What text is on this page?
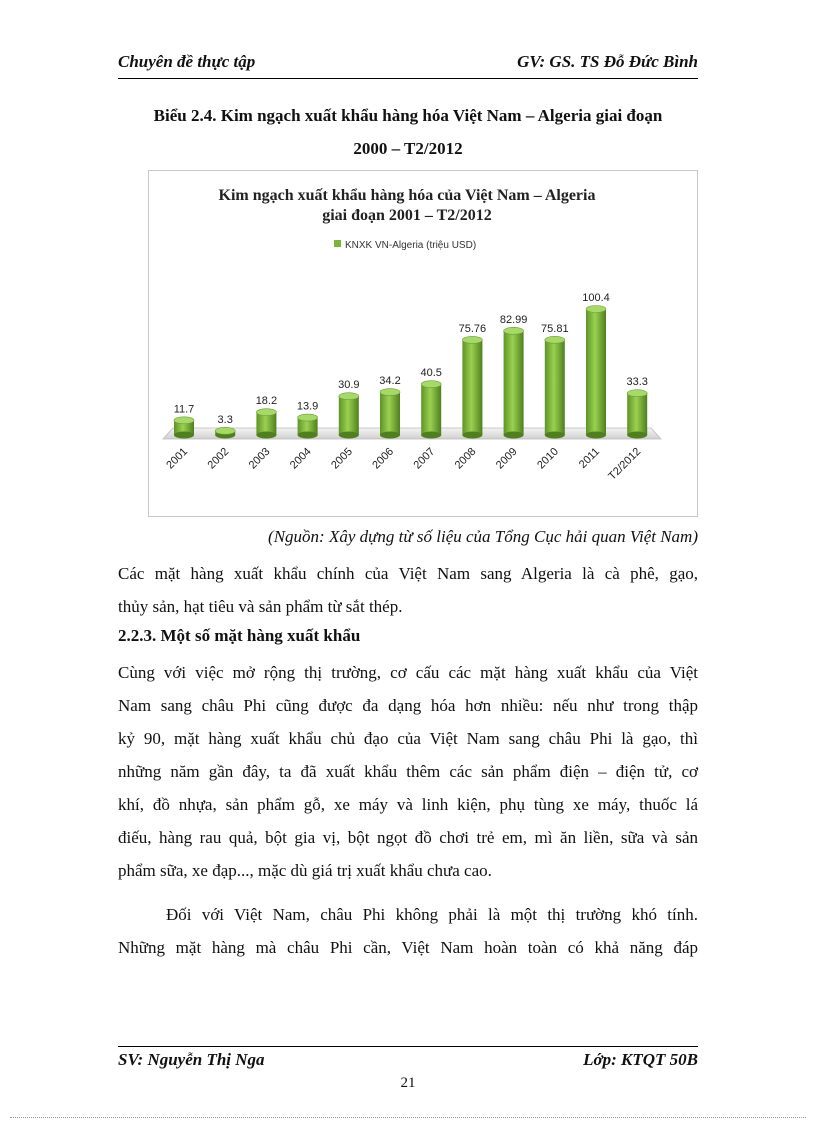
Chuyên đề thực tập	GV: GS. TS Đỗ Đức Bình
Biểu 2.4. Kim ngạch xuất khẩu hàng hóa Việt Nam – Algeria giai đoạn
2000 – T2/2012
Kim ngạch xuất khẩu hàng hóa của Việt Nam – Algeria
giai đoạn 2001 – T2/2012
KNXK VN-Algeria (triệu USD)
11.7
2001
3.3
2002
18.2
2003
13.9
2004
30.9
2005
34.2
2006
40.5
2007
75.76
2008
82.99
2009
75.81
2010
100.4
2011
33.3
T2/2012
(Nguồn: Xây dựng từ số liệu của Tổng Cục hải quan Việt Nam)
Các mặt hàng xuất khẩu chính của Việt Nam sang Algeria là cà phê, gạo,
thủy sản, hạt tiêu và sản phẩm từ sắt thép.
2.2.3. Một số mặt hàng xuất khẩu
Cùng với việc mở rộng thị trường, cơ cấu các mặt hàng xuất khẩu của Việt
Nam sang châu Phi cũng được đa dạng hóa hơn nhiều: nếu như trong thập
kỷ 90, mặt hàng xuất khẩu chủ đạo của Việt Nam sang châu Phi là gạo, thì
những năm gần đây, ta đã xuất khẩu thêm các sản phẩm điện – điện tử, cơ
khí, đồ nhựa, sản phẩm gỗ, xe máy và linh kiện, phụ tùng xe máy, thuốc lá
điếu, hàng rau quả, bột gia vị, bột ngọt đồ chơi trẻ em, mì ăn liền, sữa và sản
phẩm sữa, xe đạp..., mặc dù giá trị xuất khẩu chưa cao.
Đối với Việt Nam, châu Phi không phải là một thị trường khó tính.
Những mặt hàng mà châu Phi cần, Việt Nam hoàn toàn có khả năng đáp
SV: Nguyễn Thị Nga	Lớp: KTQT 50B
21
